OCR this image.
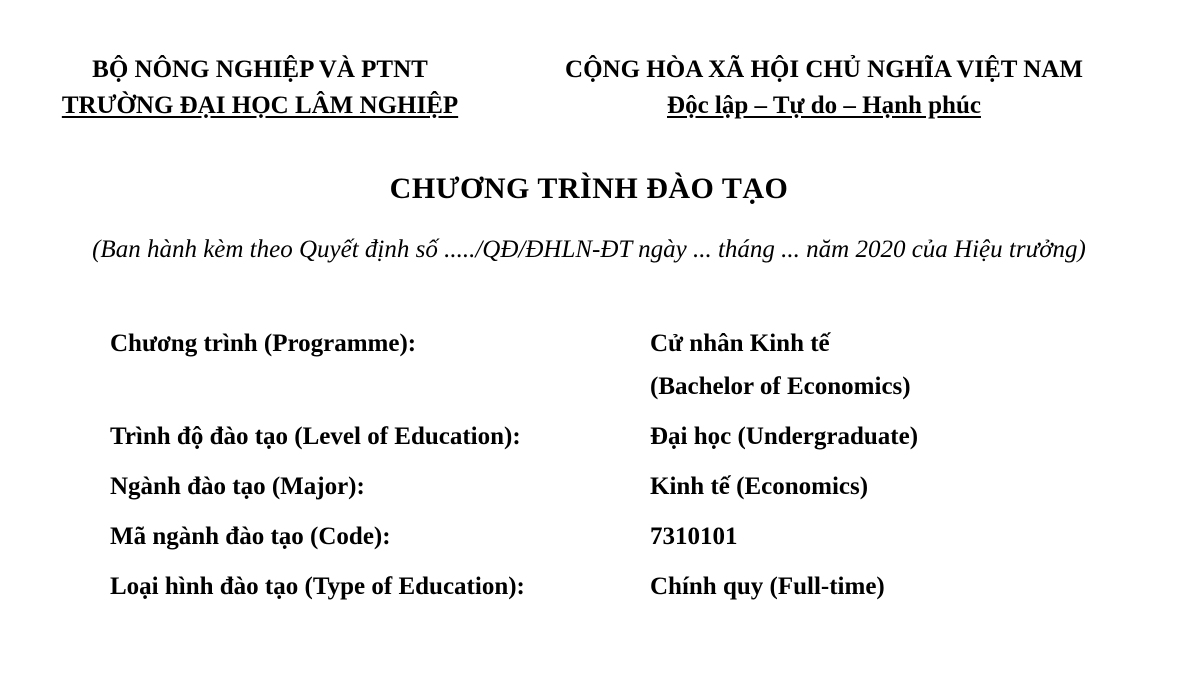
BỘ NÔNG NGHIỆP VÀ PTNT
TRƯỜNG ĐẠI HỌC LÂM NGHIỆP
CỘNG HÒA XÃ HỘI CHỦ NGHĨA VIỆT NAM
Độc lập – Tự do – Hạnh phúc
CHƯƠNG TRÌNH ĐÀO TẠO
(Ban hành kèm theo Quyết định số ...../QĐ/ĐHLN-ĐT ngày ... tháng ... năm 2020 của Hiệu trưởng)
Chương trình (Programme):	Cử nhân Kinh tế
(Bachelor of Economics)

Trình độ đào tạo (Level of Education):	Đại học (Undergraduate)

Ngành đào tạo (Major):	Kinh tế (Economics)

Mã ngành đào tạo (Code):	7310101

Loại hình đào tạo (Type of Education):	Chính quy (Full-time)
